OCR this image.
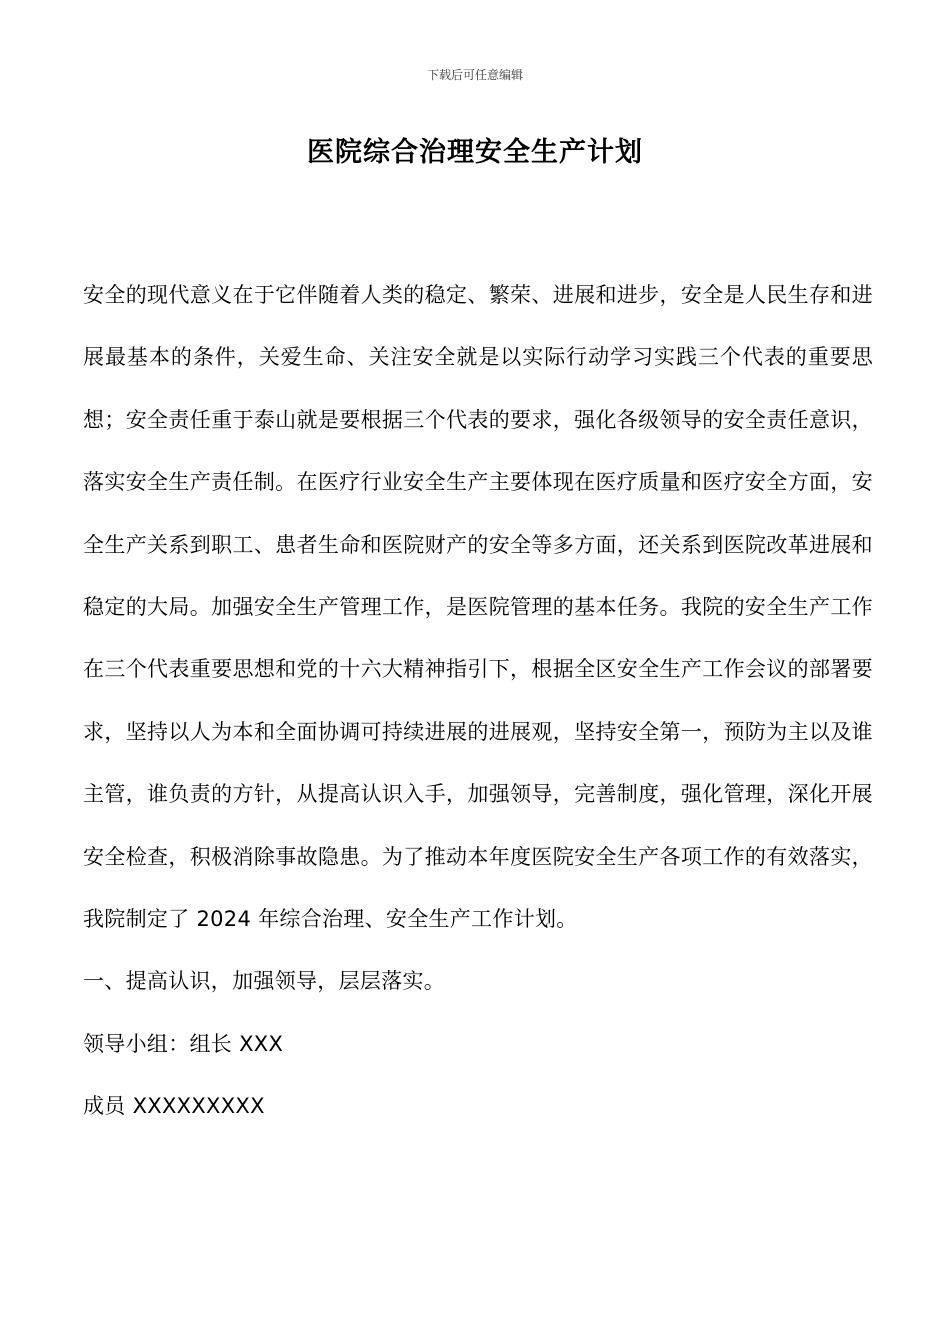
下载后可任意编辑
医院综合治理安全生产计划

安全的现代意义在于它伴随着人类的稳定、繁荣、进展和进步，安全是人民生存和进展最基本的条件，关爱生命、关注安全就是以实际行动学习实践三个代表的重要思想；安全责任重于泰山就是要根据三个代表的要求，强化各级领导的安全责任意识，落实安全生产责任制。在医疗行业安全生产主要体现在医疗质量和医疗安全方面，安全生产关系到职工、患者生命和医院财产的安全等多方面，还关系到医院改革进展和稳定的大局。加强安全生产管理工作，是医院管理的基本任务。我院的安全生产工作在三个代表重要思想和党的十六大精神指引下，根据全区安全生产工作会议的部署要求，坚持以人为本和全面协调可持续进展的进展观，坚持安全第一，预防为主以及谁主管，谁负责的方针，从提高认识入手，加强领导，完善制度，强化管理，深化开展安全检查，积极消除事故隐患。为了推动本年度医院安全生产各项工作的有效落实，我院制定了 2024 年综合治理、安全生产工作计划。

一、提高认识，加强领导，层层落实。

领导小组：组长 XXX

成员 XXXXXXXXX
